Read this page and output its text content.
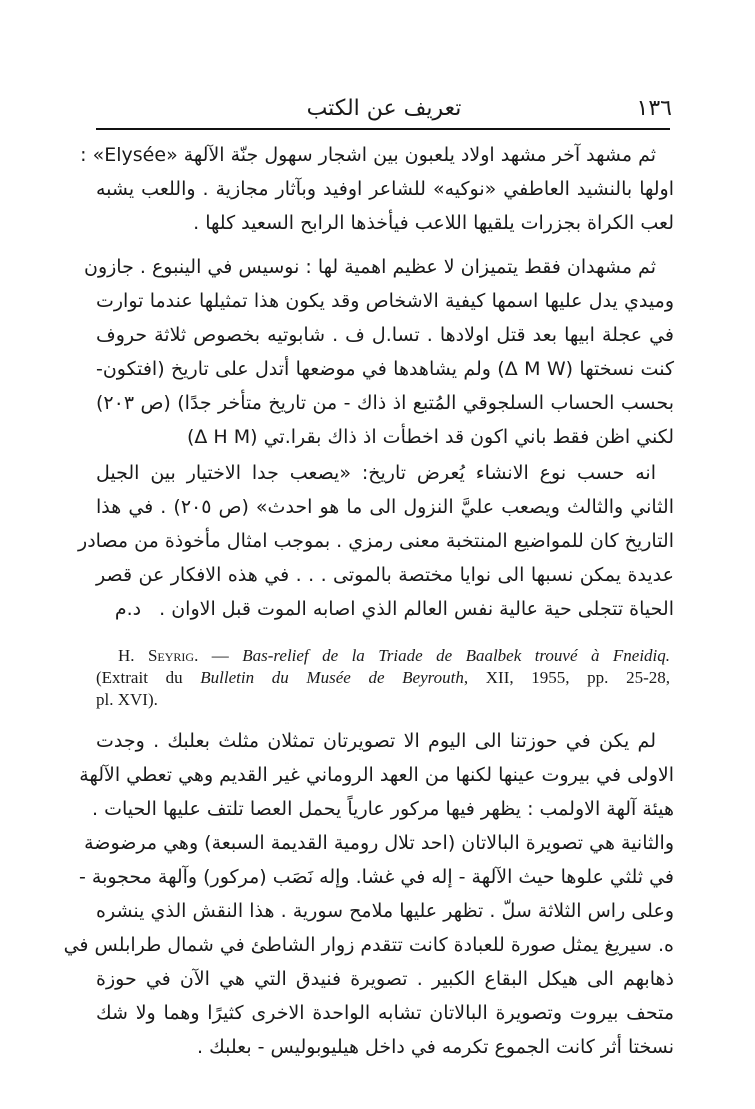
١٣٦
تعريف عن الكتب
ثم مشهد آخر مشهد اولاد يلعبون بين اشجار سهول جنّة الآلهة «Elysée» :
اولها بالنشيد العاطفي «نوكيه» للشاعر اوفيد وبآثار مجازية . واللعب يشبه
لعب الكراة بجزرات يلقيها اللاعب فيأخذها الرابح السعيد كلها .
ثم مشهدان فقط يتميزان لا عظيم اهمية لها : نوسيس في الينبوع . جازون
وميدي يدل عليها اسمها كيفية الاشخاص وقد يكون هذا تمثيلها عندما توارت
في عجلة ابيها بعد قتل اولادها . تسا.ل ف . شابوتيه بخصوص ثلاثة حروف
كنت نسختها (Δ M W) ولم يشاهدها في موضعها أتدل على تاريخ (افتكون-
بحسب الحساب السلجوقي المُتبع اذ ذاك - من تاريخ متأخر جدًا) (ص ٢٠٣)
لكني اظن فقط باني اكون قد اخطأت اذ ذاك بقرا.تي (Δ H M)
انه حسب نوع الانشاء يُعرض تاريخ: «يصعب جدا الاختيار بين الجيل
الثاني والثالث ويصعب عليَّ النزول الى ما هو احدث» (ص ٢٠٥) . في هذا
التاريخ كان للمواضيع المنتخبة معنى رمزي . بموجب امثال مأخوذة من مصادر
عديدة يمكن نسبها الى نوايا مختصة بالموتى . . . في هذه الافكار عن قصر
الحياة تتجلى حية عالية نفس العالم الذي اصابه الموت قبل الاوان .د.م
H. Seyrig. — Bas-relief de la Triade de Baalbek trouvé à Fneidiq.
(Extrait du Bulletin du Musée de Beyrouth, XII, 1955, pp. 25-28,
pl. XVI).
لم يكن في حوزتنا الى اليوم الا تصويرتان تمثلان مثلث بعلبك . وجدت
الاولى في بيروت عينها لكنها من العهد الروماني غير القديم وهي تعطي الآلهة
هيئة آلهة الاولمب : يظهر فيها مركور عارياً يحمل العصا تلتف عليها الحيات .
والثانية هي تصويرة البالاتان (احد تلال رومية القديمة السبعة) وهي مرضوضة
في ثلثي علوها حيث الآلهة - إله في غشا. وإله نَصَب (مركور) وآلهة محجوبة -
وعلى راس الثلاثة سلّ . تظهر عليها ملامح سورية . هذا النقش الذي ينشره
ه. سيريغ يمثل صورة للعبادة كانت تتقدم زوار الشاطئ في شمال طرابلس في
ذهابهم الى هيكل البقاع الكبير . تصويرة فنيدق التي هي الآن في حوزة
متحف بيروت وتصويرة البالاتان تشابه الواحدة الاخرى كثيرًا وهما ولا شك
نسختا أثر كانت الجموع تكرمه في داخل هيليوبوليس - بعلبك .
